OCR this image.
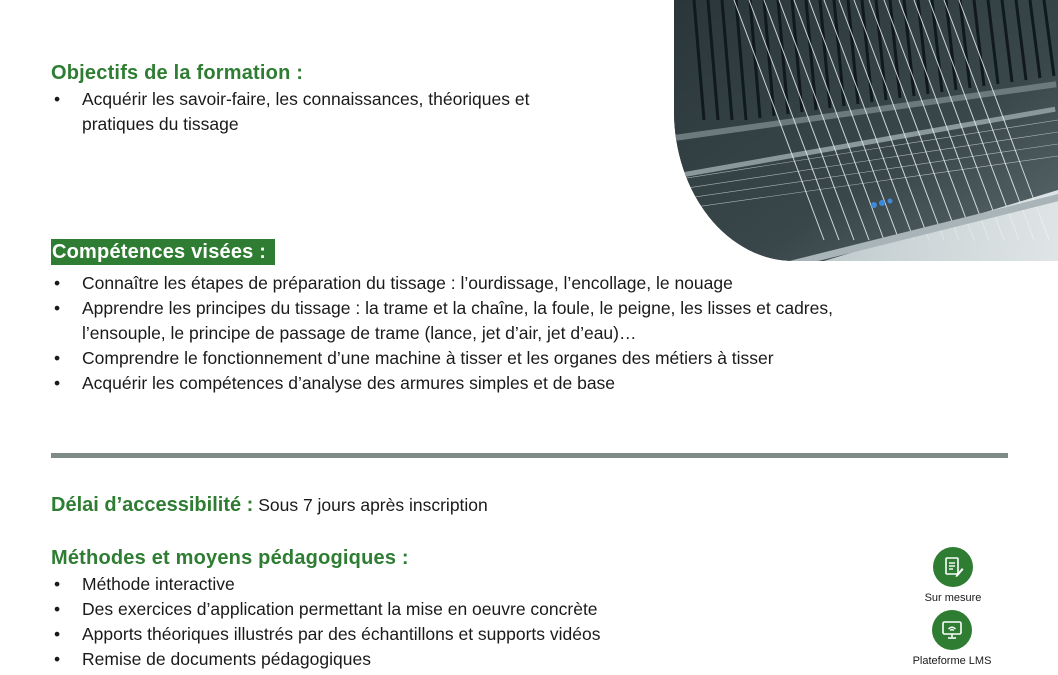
Objectifs de la formation :
• Acquérir les savoir-faire, les connaissances, théoriques et
pratiques du tissage
Compétences visées :
• Connaître les étapes de préparation du tissage : l’ourdissage, l’encollage, le nouage
• Apprendre les principes du tissage : la trame et la chaîne, la foule, le peigne, les lisses et cadres,
l’ensouple, le principe de passage de trame (lance, jet d’air, jet d’eau)…
• Comprendre le fonctionnement d’une machine à tisser et les organes des métiers à tisser
• Acquérir les compétences d’analyse des armures simples et de base

Délai d’accessibilité : Sous 7 jours après inscription

Méthodes et moyens pédagogiques :
• Méthode interactive
• Des exercices d’application permettant la mise en oeuvre concrète
• Apports théoriques illustrés par des échantillons et supports vidéos
• Remise de documents pédagogiques
Sur mesure
Plateforme LMS
